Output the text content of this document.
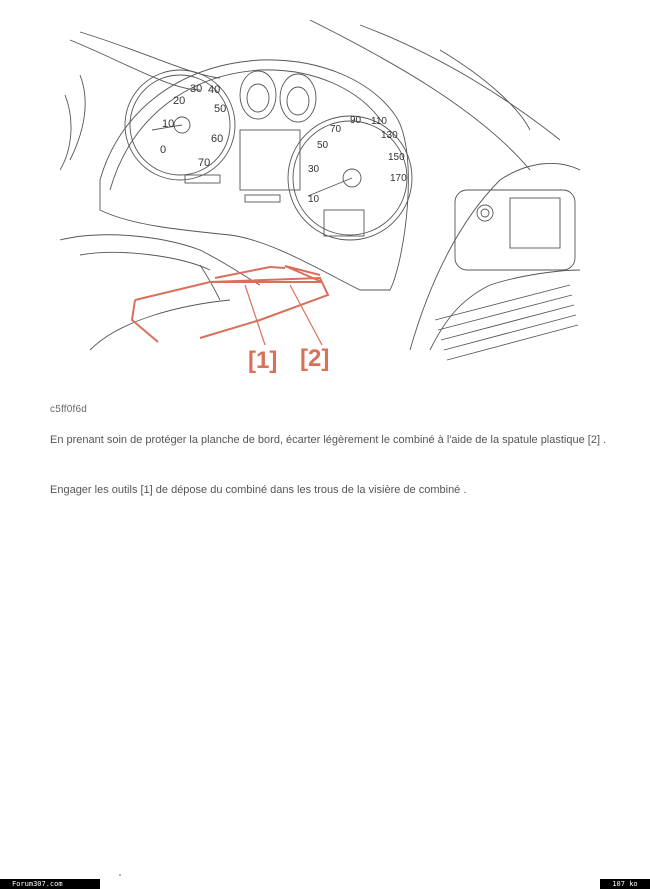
0
10
20
30 40
50
60
70
10
30
50
70
90 110
130
150
170
[1] [2]
c5ff0f6d
En prenant soin de protéger la planche de bord, écarter légèrement le combiné à l'aide de la spatule plastique [2] .
Engager les outils [1] de dépose du combiné dans les trous de la visière de combiné .
Forum307.com	107 ko
